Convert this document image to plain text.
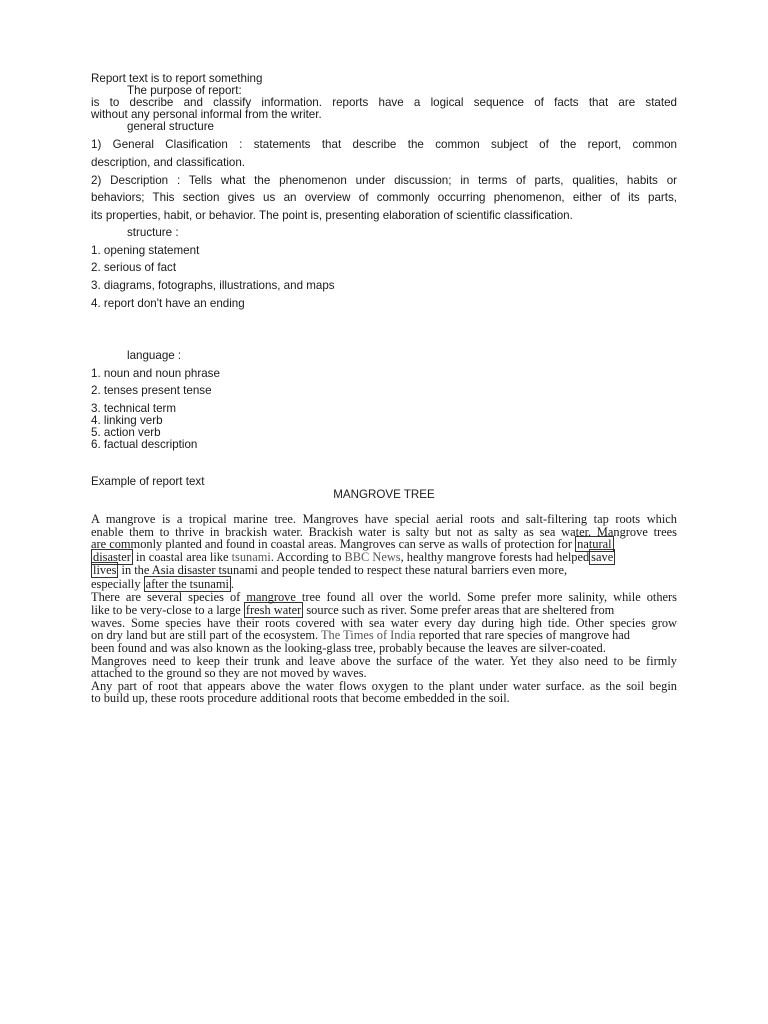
Report text is to report something
The purpose of report:
is to describe and classify information. reports have a logical sequence of facts that are stated
without any personal informal from the writer.
general structure
1) General Clasification : statements that describe the common subject of the report, common
description, and classification.
2) Description : Tells what the phenomenon under discussion; in terms of parts, qualities, habits or
behaviors; This section gives us an overview of commonly occurring phenomenon, either of its parts,
its properties, habit, or behavior. The point is, presenting elaboration of scientific classification.
structure :
1. opening statement
2. serious of fact
3. diagrams, fotographs, illustrations, and maps
4. report don't have an ending
language :
1. noun and noun phrase
2. tenses present tense
3. technical term
4. linking verb
5. action verb
6. factual description
Example of report text
MANGROVE TREE
A mangrove is a tropical marine tree. Mangroves have special aerial roots and salt-filtering tap roots which
enable them to thrive in brackish water. Brackish water is salty but not as salty as sea water. Mangrove trees
are commonly planted and found in coastal areas. Mangroves can serve as walls of protection for natural
disaster in coastal area like tsunami. According to BBC News, healthy mangrove forests had helped save
lives in the Asia disaster tsunami and people tended to respect these natural barriers even more,
especially after the tsunami .
There are several species of mangrove tree found all over the world. Some prefer more salinity, while others
like to be very-close to a large fresh water source such as river. Some prefer areas that are sheltered from
waves. Some species have their roots covered with sea water every day during high tide. Other species grow
on dry land but are still part of the ecosystem. The Times of India reported that rare species of mangrove had
been found and was also known as the looking-glass tree, probably because the leaves are silver-coated.
Mangroves need to keep their trunk and leave above the surface of the water. Yet they also need to be firmly
attached to the ground so they are not moved by waves.
Any part of root that appears above the water flows oxygen to the plant under water surface. as the soil begin
to build up, these roots procedure additional roots that become embedded in the soil.
